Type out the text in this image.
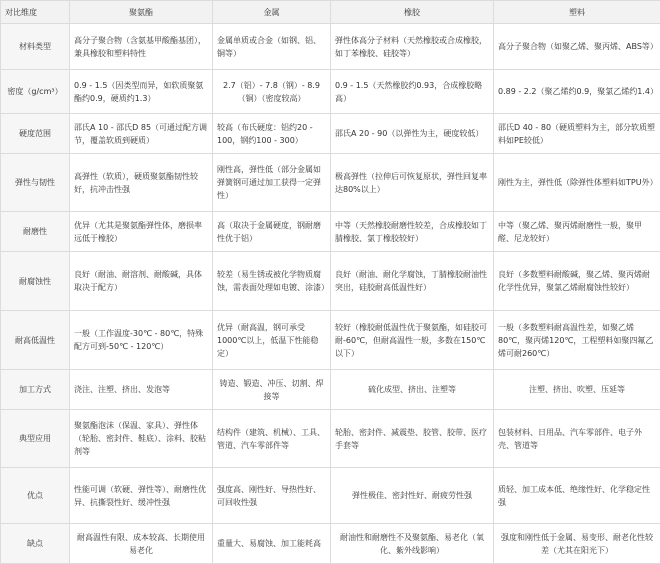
对比维度	聚氨酯	金属	橡胶	塑料
材料类型	高分子聚合物（含氨基甲酸酯基团），兼具橡胶和塑料特性	金属单质或合金（如钢、铝、铜等）	弹性体高分子材料（天然橡胶或合成橡胶，如丁苯橡胶、硅胶等）	高分子聚合物（如聚乙烯、聚丙烯、ABS等）
密度（g/cm³）	0.9 - 1.5（因类型而异，如软质聚氨酯约0.9，硬质约1.3）	2.7（铝）- 7.8（钢）- 8.9（铜）（密度较高）	0.9 - 1.5（天然橡胶约0.93，合成橡胶略高）	0.89 - 2.2（聚乙烯约0.9，聚氯乙烯约1.4）
硬度范围	邵氏A 10 - 邵氏D 85（可通过配方调节，覆盖软质到硬质）	较高（布氏硬度：铝约20 - 100，钢约100 - 300）	邵氏A 20 - 90（以弹性为主，硬度较低）	邵氏D 40 - 80（硬质塑料为主，部分软质塑料如PE较低）
弹性与韧性	高弹性（软质），硬质聚氨酯韧性较好，抗冲击性强	刚性高，弹性低（部分金属如弹簧钢可通过加工获得一定弹性）	极高弹性（拉伸后可恢复原状，弹性回复率达80%以上）	刚性为主，弹性低（除弹性体塑料如TPU外）
耐磨性	优异（尤其是聚氨酯弹性体，磨损率远低于橡胶）	高（取决于金属硬度，钢耐磨性优于铝）	中等（天然橡胶耐磨性较差，合成橡胶如丁腈橡胶、氯丁橡胶较好）	中等（聚乙烯、聚丙烯耐磨性一般，聚甲醛、尼龙较好）
耐腐蚀性	良好（耐油、耐溶剂、耐酸碱，具体取决于配方）	较差（易生锈或被化学物质腐蚀，需表面处理如电镀、涂漆）	良好（耐油、耐化学腐蚀，丁腈橡胶耐油性突出，硅胶耐高低温性好）	良好（多数塑料耐酸碱，聚乙烯、聚丙烯耐化学性优异，聚氯乙烯耐腐蚀性较好）
耐高低温性	一般（工作温度-30℃ - 80℃，特殊配方可到-50℃ - 120℃）	优异（耐高温，钢可承受1000℃以上，低温下性能稳定）	较好（橡胶耐低温性优于聚氨酯，如硅胶可耐-60℃，但耐高温性一般，多数在150℃以下）	一般（多数塑料耐高温性差，如聚乙烯80℃，聚丙烯120℃，工程塑料如聚四氟乙烯可耐260℃）
加工方式	浇注、注塑、挤出、发泡等	铸造、锻造、冲压、切割、焊接等	硫化成型、挤出、注塑等	注塑、挤出、吹塑、压延等
典型应用	聚氨酯泡沫（保温、家具）、弹性体（轮胎、密封件、鞋底）、涂料、胶粘剂等	结构件（建筑、机械）、工具、管道、汽车零部件等	轮胎、密封件、减震垫、胶管、胶带、医疗手套等	包装材料、日用品、汽车零部件、电子外壳、管道等
优点	性能可调（软硬、弹性等）、耐磨性优异、抗撕裂性好、缓冲性强	强度高、刚性好、导热性好、可回收性强	弹性极佳、密封性好、耐疲劳性强	质轻、加工成本低、绝缘性好、化学稳定性强
缺点	耐高温性有限、成本较高、长期使用易老化	重量大、易腐蚀、加工能耗高	耐油性和耐磨性不及聚氨酯、易老化（氧化、紫外线影响）	强度和刚性低于金属、易变形、耐老化性较差（尤其在阳光下）
